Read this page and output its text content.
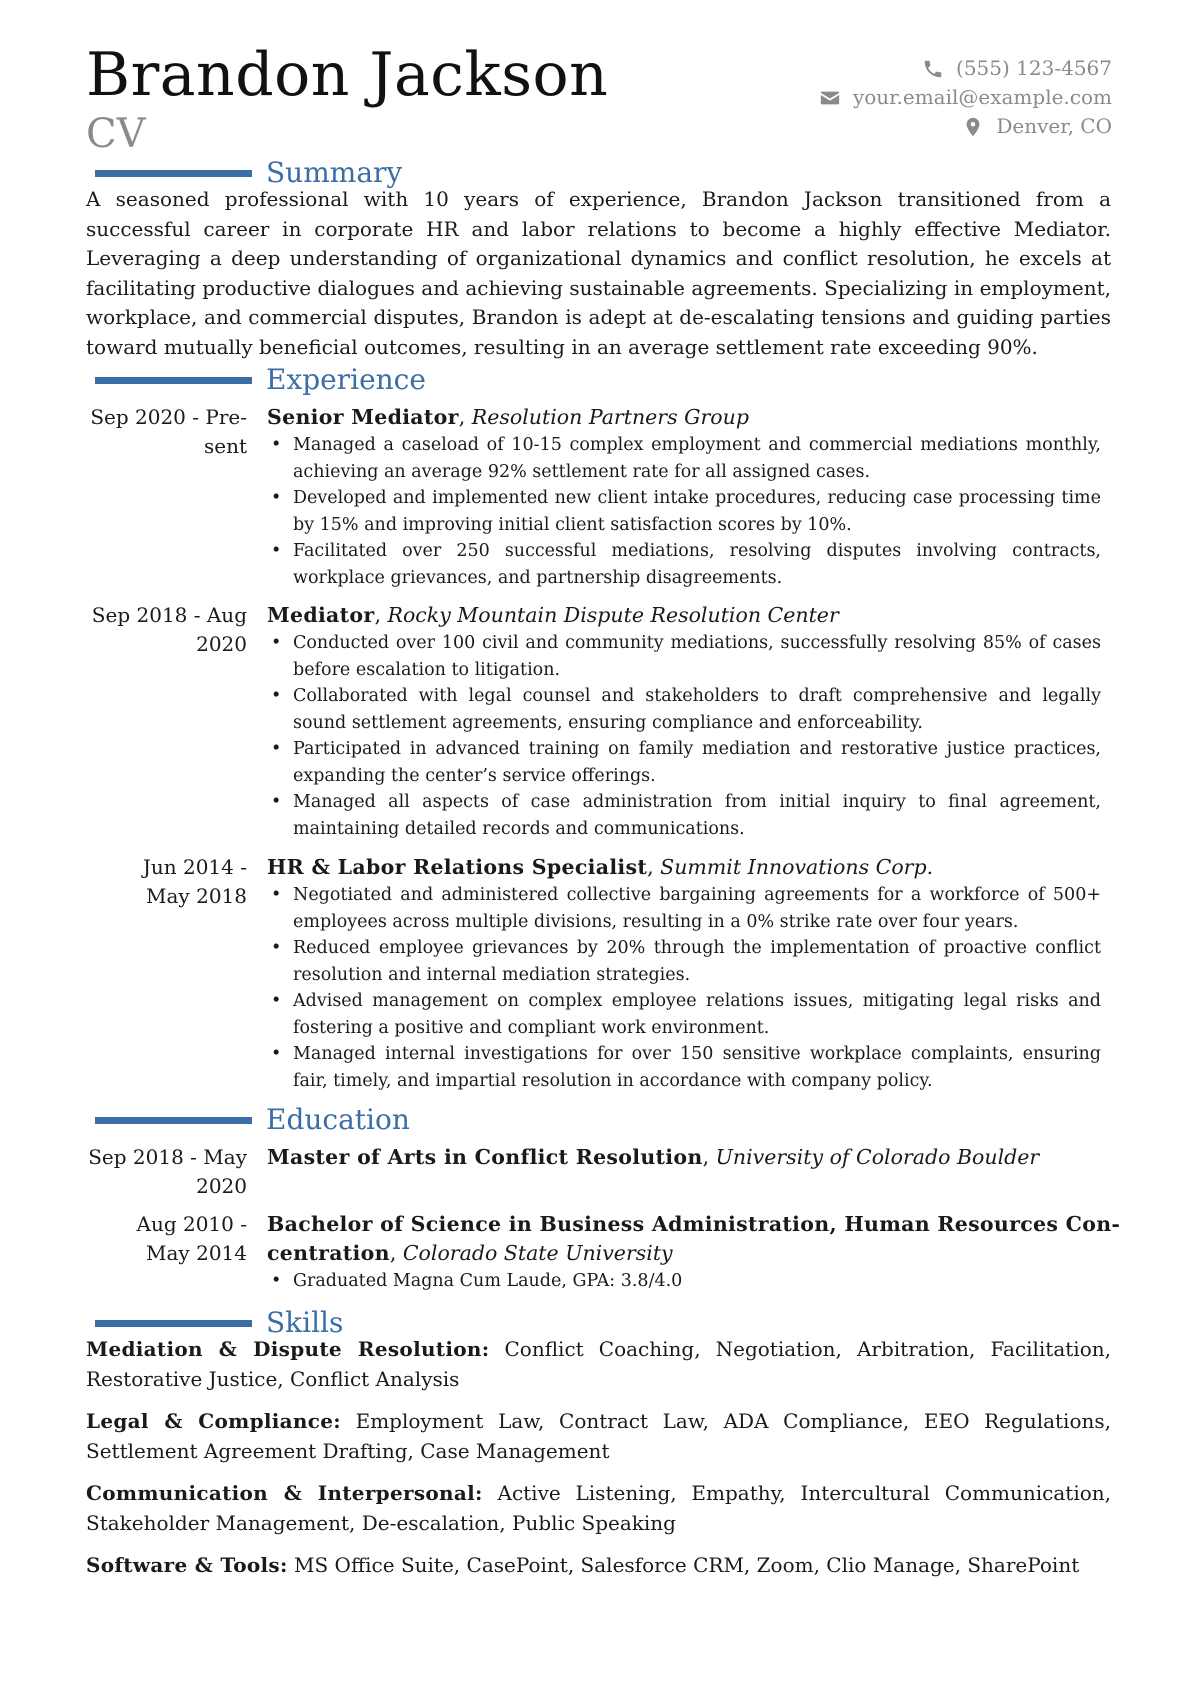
Brandon Jackson
CV
(555) 123-4567
your.email@example.com
Denver, CO
Summary

A seasoned professional with 10 years of experience, Brandon Jackson transitioned from a successful career in corporate HR and labor relations to become a highly effective Mediator. Leveraging a deep understanding of organizational dynamics and conflict resolution, he excels at facilitating productive dialogues and achieving sustainable agreements. Specializing in employment, workplace, and commercial disputes, Brandon is adept at de-escalating tensions and guiding parties toward mutually beneficial outcomes, resulting in an average settlement rate exceeding 90%.

Experience
Sep 2020 - Pre-
sent
Senior Mediator, Resolution Partners Group
• Managed a caseload of 10-15 complex employment and commercial mediations monthly, achieving an average 92% settlement rate for all assigned cases.
• Developed and implemented new client intake procedures, reducing case processing time by 15% and improving initial client satisfaction scores by 10%.
• Facilitated over 250 successful mediations, resolving disputes involving contracts, workplace grievances, and partnership disagreements.
Sep 2018 - Aug
2020
Mediator, Rocky Mountain Dispute Resolution Center
• Conducted over 100 civil and community mediations, successfully resolving 85% of cases before escalation to litigation.
• Collaborated with legal counsel and stakeholders to draft comprehensive and legally sound settlement agreements, ensuring compliance and enforceability.
• Participated in advanced training on family mediation and restorative justice practices, expanding the center’s service offerings.
• Managed all aspects of case administration from initial inquiry to final agreement, maintaining detailed records and communications.
Jun 2014 -
May 2018
HR & Labor Relations Specialist, Summit Innovations Corp.
• Negotiated and administered collective bargaining agreements for a workforce of 500+ employees across multiple divisions, resulting in a 0% strike rate over four years.
• Reduced employee grievances by 20% through the implementation of proactive conflict resolution and internal mediation strategies.
• Advised management on complex employee relations issues, mitigating legal risks and fostering a positive and compliant work environment.
• Managed internal investigations for over 150 sensitive workplace complaints, ensuring fair, timely, and impartial resolution in accordance with company policy.
Education
Sep 2018 - May
2020
Master of Arts in Conflict Resolution, University of Colorado Boulder
Aug 2010 -
May 2014
Bachelor of Science in Business Administration, Human Resources Con-
centration, Colorado State University
• Graduated Magna Cum Laude, GPA: 3.8/4.0
Skills

Mediation & Dispute Resolution: Conflict Coaching, Negotiation, Arbitration, Facilitation, Restorative Justice, Conflict Analysis

Legal & Compliance: Employment Law, Contract Law, ADA Compliance, EEO Regulations, Settlement Agreement Drafting, Case Management

Communication & Interpersonal: Active Listening, Empathy, Intercultural Communication, Stakeholder Management, De-escalation, Public Speaking

Software & Tools: MS Office Suite, CasePoint, Salesforce CRM, Zoom, Clio Manage, SharePoint
